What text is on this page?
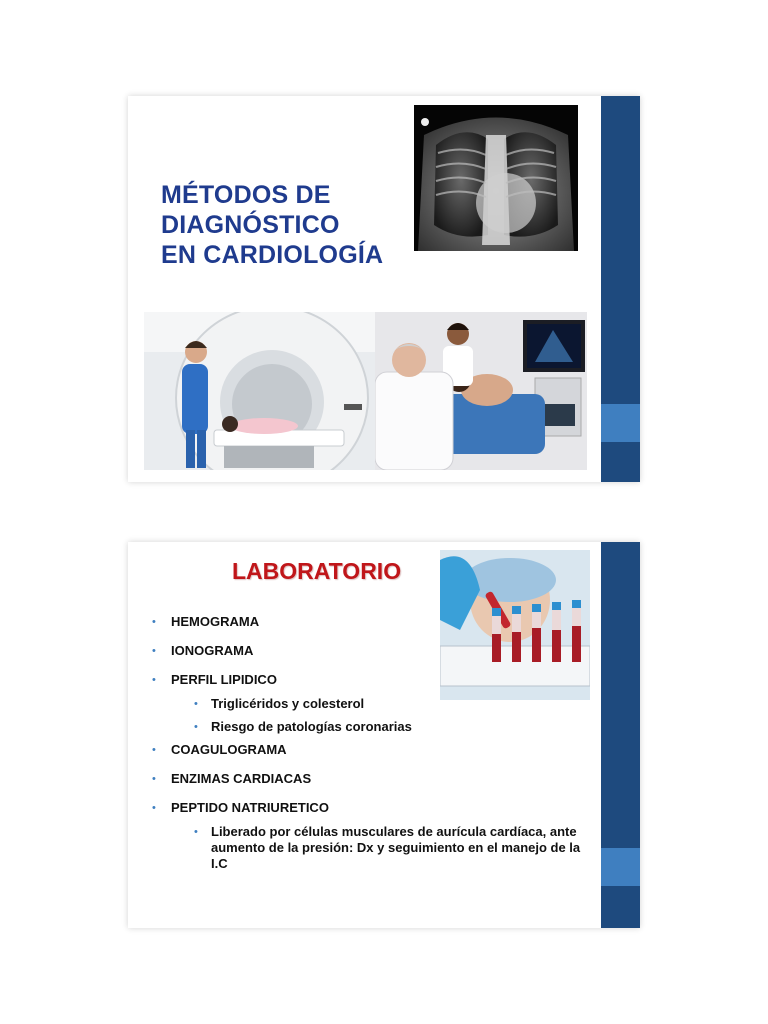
MÉTODOS DE
DIAGNÓSTICO
EN CARDIOLOGÍA
LABORATORIO
• HEMOGRAMA
• IONOGRAMA
• PERFIL LIPIDICO
• Triglicéridos y colesterol
• Riesgo de patologías coronarias
• COAGULOGRAMA
• ENZIMAS CARDIACAS
• PEPTIDO NATRIURETICO
• Liberado por células musculares de aurícula cardíaca, ante aumento de la presión: Dx y seguimiento en el manejo de la I.C
